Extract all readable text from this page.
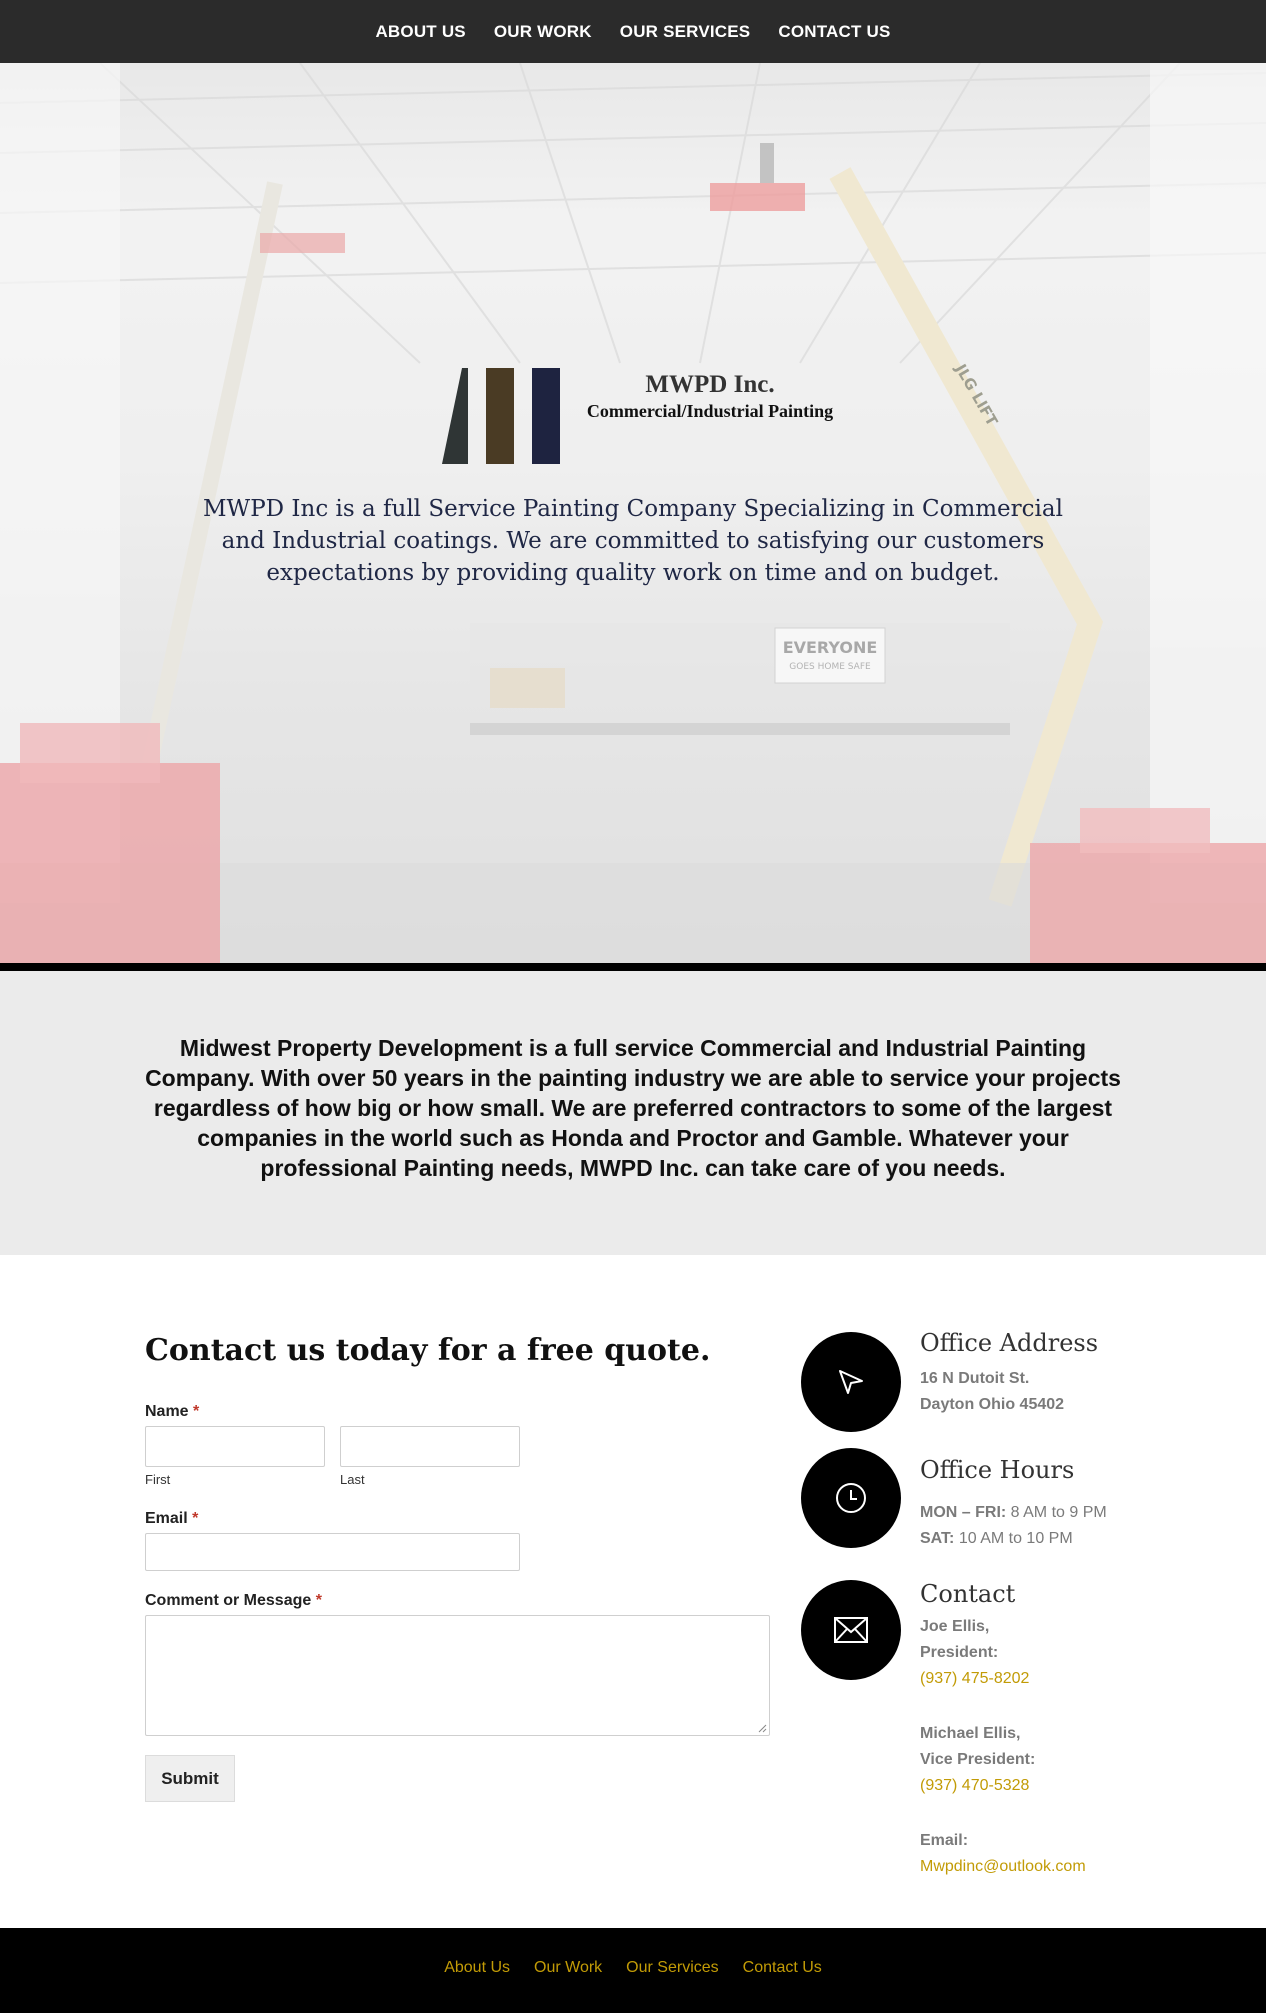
ABOUT US OUR WORK OUR SERVICES CONTACT US
JLG LIFT
EVERYONE
GOES HOME SAFE
MWPD Inc.
Commercial/Industrial Painting

MWPD Inc is a full Service Painting Company Specializing in Commercial and Industrial coatings. We are committed to satisfying our customers expectations by providing quality work on time and on budget.

Midwest Property Development is a full service Commercial and Industrial Painting Company. With over 50 years in the painting industry we are able to service your projects regardless of how big or how small. We are preferred contractors to some of the largest companies in the world such as Honda and Proctor and Gamble. Whatever your professional Painting needs, MWPD Inc. can take care of you needs.

Contact us today for a free quote.
Name *
First	Last
Email *
Comment or Message *
Submit
Office Address
16 N Dutoit St.
Dayton Ohio 45402
Office Hours
MON – FRI: 8 AM to 9 PM
SAT: 10 AM to 10 PM
Contact
Joe Ellis,
President:
(937) 475-8202
Michael Ellis,
Vice President:
(937) 470-5328
Email:
Mwpdinc@outlook.com
About Us Our Work Our Services Contact Us
